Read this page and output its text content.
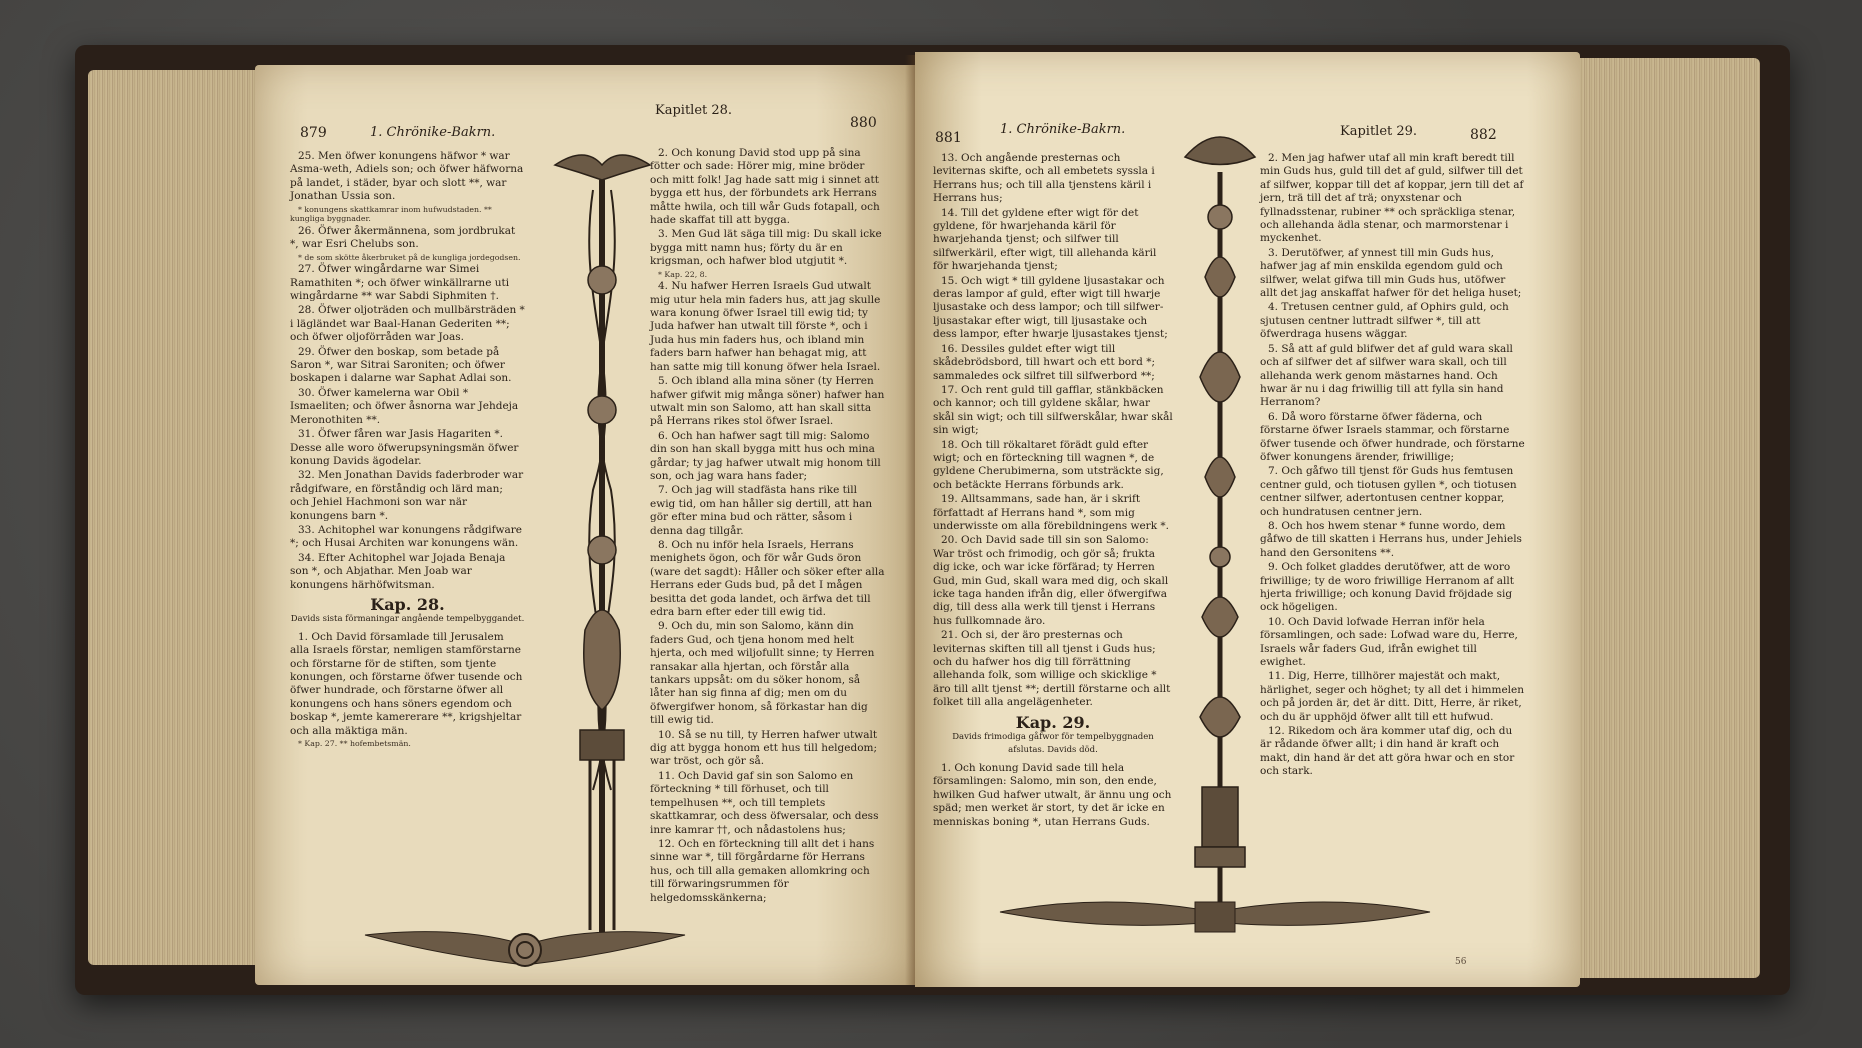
879	1. Chrönike-Bakrn.
Kapitlet 28.
880

25. Men öfwer konungens häfwor * war Asma-weth, Adiels son; och öfwer häfworna på landet, i städer, byar och slott **, war Jonathan Ussia son.

* konungens skattkamrar inom hufwudstaden. ** kungliga byggnader.

26. Öfwer åkermännena, som jordbrukat *, war Esri Chelubs son.

* de som skötte åkerbruket på de kungliga jordegodsen.

27. Öfwer wingårdarne war Simei Ramathiten *; och öfwer winkällrarne uti wingårdarne ** war Sabdi Siphmiten †.

28. Öfwer oljoträden och mullbärsträden * i lägländet war Baal-Hanan Gederiten **; och öfwer oljoförråden war Joas.

29. Öfwer den boskap, som betade på Saron *, war Sitrai Saroniten; och öfwer boskapen i dalarne war Saphat Adlai son.

30. Öfwer kamelerna war Obil * Ismaeliten; och öfwer åsnorna war Jehdeja Meronothiten **.

31. Öfwer fåren war Jasis Hagariten *. Desse alle woro öfwerupsyningsmän öfwer konung Davids ägodelar.

32. Men Jonathan Davids faderbroder war rådgifware, en förståndig och lärd man; och Jehiel Hachmoni son war när konungens barn *.

33. Achitophel war konungens rådgifware *; och Husai Architen war konungens wän.

34. Efter Achitophel war Jojada Benaja son *, och Abjathar. Men Joab war konungens härhöfwitsman.

Kap. 28.

Davids sista förmaningar angående tempelbyggandet.

1. Och David församlade till Jerusalem alla Israels förstar, nemligen stamförstarne och förstarne för de stiften, som tjente konungen, och förstarne öfwer tusende och öfwer hundrade, och förstarne öfwer all konungens och hans söners egendom och boskap *, jemte kamererare **, krigshjeltar och alla mäktiga män.

* Kap. 27. ** hofembetsmän.

2. Och konung David stod upp på sina fötter och sade: Hörer mig, mine bröder och mitt folk! Jag hade satt mig i sinnet att bygga ett hus, der förbundets ark Herrans måtte hwila, och till wår Guds fotapall, och hade skaffat till att bygga.

3. Men Gud lät säga till mig: Du skall icke bygga mitt namn hus; förty du är en krigsman, och hafwer blod utgjutit *.

* Kap. 22, 8.

4. Nu hafwer Herren Israels Gud utwalt mig utur hela min faders hus, att jag skulle wara konung öfwer Israel till ewig tid; ty Juda hafwer han utwalt till förste *, och i Juda hus min faders hus, och ibland min faders barn hafwer han behagat mig, att han satte mig till konung öfwer hela Israel.

5. Och ibland alla mina söner (ty Herren hafwer gifwit mig många söner) hafwer han utwalt min son Salomo, att han skall sitta på Herrans rikes stol öfwer Israel.

6. Och han hafwer sagt till mig: Salomo din son han skall bygga mitt hus och mina gårdar; ty jag hafwer utwalt mig honom till son, och jag wara hans fader;

7. Och jag will stadfästa hans rike till ewig tid, om han håller sig dertill, att han gör efter mina bud och rätter, såsom i denna dag tillgår.

8. Och nu inför hela Israels, Herrans menighets ögon, och för wår Guds öron (ware det sagdt): Håller och söker efter alla Herrans eder Guds bud, på det I mågen besitta det goda landet, och ärfwa det till edra barn efter eder till ewig tid.

9. Och du, min son Salomo, känn din faders Gud, och tjena honom med helt hjerta, och med wiljofullt sinne; ty Herren ransakar alla hjertan, och förstår alla tankars uppsåt: om du söker honom, så låter han sig finna af dig; men om du öfwergifwer honom, så förkastar han dig till ewig tid.

10. Så se nu till, ty Herren hafwer utwalt dig att bygga honom ett hus till helgedom; war tröst, och gör så.

11. Och David gaf sin son Salomo en förteckning * till förhuset, och till tempelhusen **, och till templets skattkamrar, och dess öfwersalar, och dess inre kamrar ††, och nådastolens hus;

12. Och en förteckning till allt det i hans sinne war *, till förgårdarne för Herrans hus, och till alla gemaken allomkring och till förwaringsrummen för helgedomsskänkerna;

881
1. Chrönike-Bakrn.	Kapitlet 29.	882

13. Och angående presternas och leviternas skifte, och all embetets syssla i Herrans hus; och till alla tjenstens käril i Herrans hus;

14. Till det gyldene efter wigt för det gyldene, för hwarjehanda käril för hwarjehanda tjenst; och silfwer till silfwerkäril, efter wigt, till allehanda käril för hwarjehanda tjenst;

15. Och wigt * till gyldene ljusastakar och deras lampor af guld, efter wigt till hwarje ljusastake och dess lampor; och till silfwer-ljusastakar efter wigt, till ljusastake och dess lampor, efter hwarje ljusastakes tjenst;

16. Dessiles guldet efter wigt till skådebrödsbord, till hwart och ett bord *; sammaledes ock silfret till silfwerbord **;

17. Och rent guld till gafflar, stänkbäcken och kannor; och till gyldene skålar, hwar skål sin wigt; och till silfwerskålar, hwar skål sin wigt;

18. Och till rökaltaret förädt guld efter wigt; och en förteckning till wagnen *, de gyldene Cherubimerna, som utsträckte sig, och betäckte Herrans förbunds ark.

19. Alltsammans, sade han, är i skrift författadt af Herrans hand *, som mig underwisste om alla förebildningens werk *.

20. Och David sade till sin son Salomo: War tröst och frimodig, och gör så; frukta dig icke, och war icke förfärad; ty Herren Gud, min Gud, skall wara med dig, och skall icke taga handen ifrån dig, eller öfwergifwa dig, till dess alla werk till tjenst i Herrans hus fullkomnade äro.

21. Och si, der äro presternas och leviternas skiften till all tjenst i Guds hus; och du hafwer hos dig till förrättning allehanda folk, som willige och skicklige * äro till allt tjenst **; dertill förstarne och allt folket till alla angelägenheter.

Kap. 29.

Davids frimodiga gåfwor för tempelbyggnaden afslutas. Davids död.

1. Och konung David sade till hela församlingen: Salomo, min son, den ende, hwilken Gud hafwer utwalt, är ännu ung och späd; men werket är stort, ty det är icke en menniskas boning *, utan Herrans Guds.

2. Men jag hafwer utaf all min kraft beredt till min Guds hus, guld till det af guld, silfwer till det af silfwer, koppar till det af koppar, jern till det af jern, trä till det af trä; onyxstenar och fyllnadsstenar, rubiner ** och spräckliga stenar, och allehanda ädla stenar, och marmorstenar i myckenhet.

3. Derutöfwer, af ynnest till min Guds hus, hafwer jag af min enskilda egendom guld och silfwer, welat gifwa till min Guds hus, utöfwer allt det jag anskaffat hafwer för det heliga huset;

4. Tretusen centner guld, af Ophirs guld, och sjutusen centner luttradt silfwer *, till att öfwerdraga husens wäggar.

5. Så att af guld blifwer det af guld wara skall och af silfwer det af silfwer wara skall, och till allehanda werk genom mästarnes hand. Och hwar är nu i dag friwillig till att fylla sin hand Herranom?

6. Då woro förstarne öfwer fäderna, och förstarne öfwer Israels stammar, och förstarne öfwer tusende och öfwer hundrade, och förstarne öfwer konungens ärender, friwillige;

7. Och gåfwo till tjenst för Guds hus femtusen centner guld, och tiotusen gyllen *, och tiotusen centner silfwer, adertontusen centner koppar, och hundratusen centner jern.

8. Och hos hwem stenar * funne wordo, dem gåfwo de till skatten i Herrans hus, under Jehiels hand den Gersonitens **.

9. Och folket gladdes derutöfwer, att de woro friwillige; ty de woro friwillige Herranom af allt hjerta friwillige; och konung David fröjdade sig ock högeligen.

10. Och David lofwade Herran inför hela församlingen, och sade: Lofwad ware du, Herre, Israels wår faders Gud, ifrån ewighet till ewighet.

11. Dig, Herre, tillhörer majestät och makt, härlighet, seger och höghet; ty all det i himmelen och på jorden är, det är ditt. Ditt, Herre, är riket, och du är upphöjd öfwer allt till ett hufwud.

12. Rikedom och ära kommer utaf dig, och du är rådande öfwer allt; i din hand är kraft och makt, din hand är det att göra hwar och en stor och stark.

56
